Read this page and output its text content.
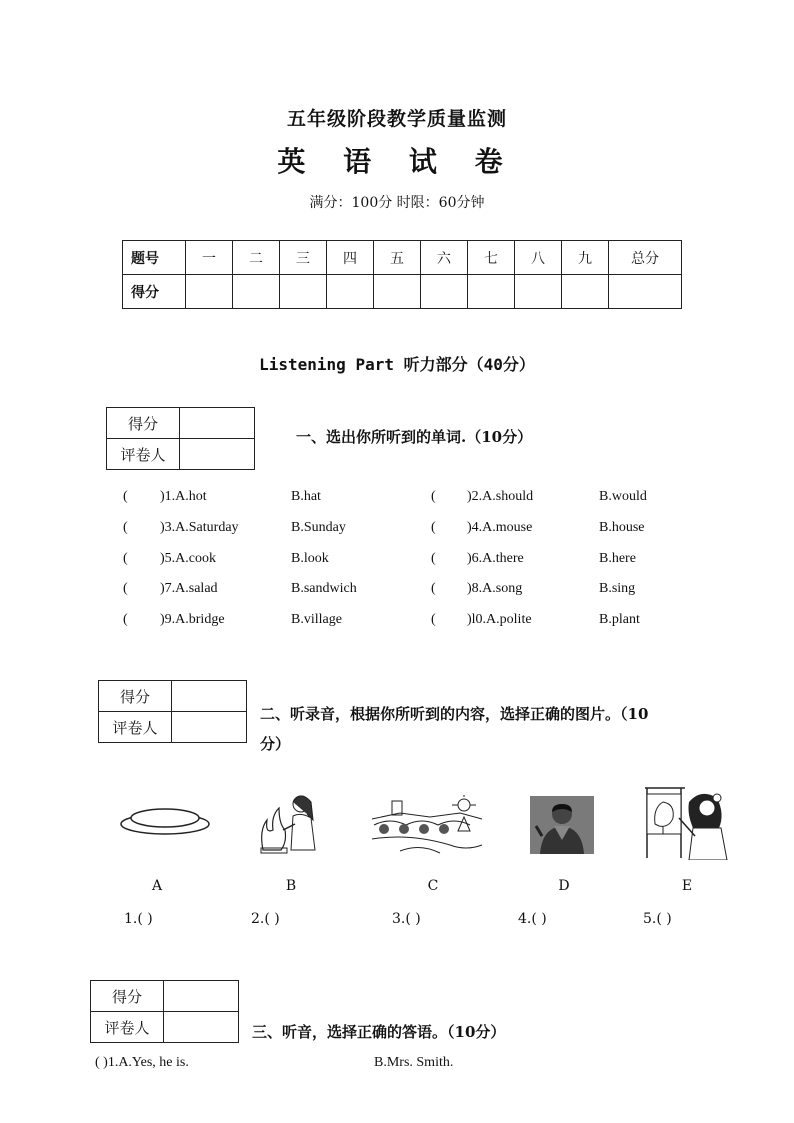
五年级阶段教学质量监测
英 语 试 卷
满分：100分 时限：60分钟
题号	一	二	三	四	五	六	七	八	九	总分
得分										
Listening Part 听力部分（40分）
得分	
评卷人	
一、选出你所听到的单词.（10分）
( )1.A.hot	B.hat	( )2.A.should	B.would
( )3.A.Saturday	B.Sunday	( )4.A.mouse	B.house
( )5.A.cook	B.look	( )6.A.there	B.here
( )7.A.salad	B.sandwich	( )8.A.song	B.sing
( )9.A.bridge	B.village	( )l0.A.polite	B.plant
得分	
评卷人	
二、听录音，根据你所听到的内容，选择正确的图片。（10
分）
A	B	C	D	E
1.( )	2.( )	3.( )	4.( )	5.( )
得分	
评卷人		三、听音，选择正确的答语。（10分）
( )1.A.Yes, he is.	B.Mrs. Smith.
